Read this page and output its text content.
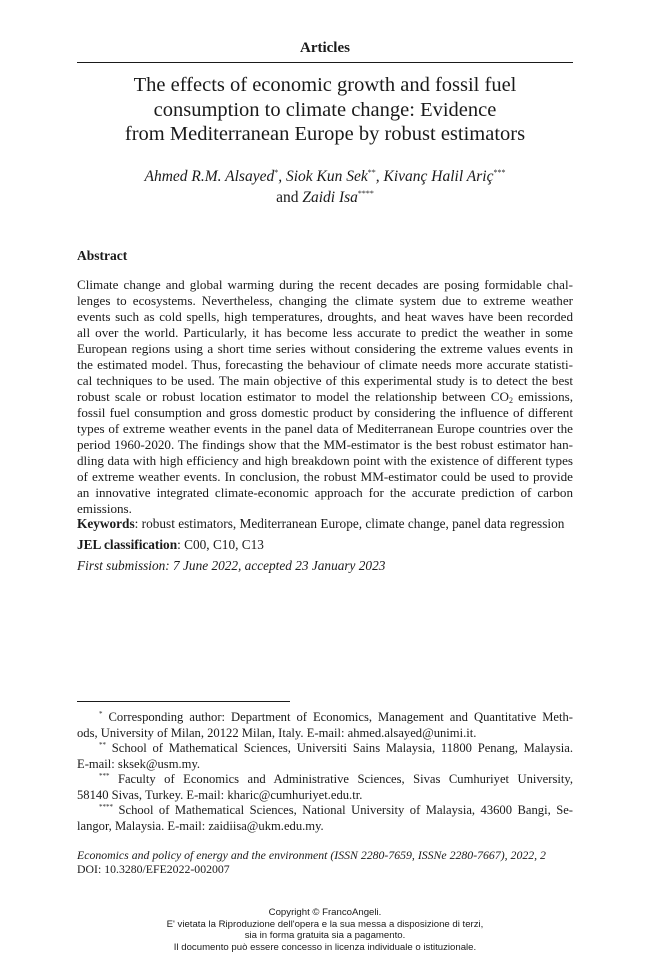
Articles
The effects of economic growth and fossil fuel
consumption to climate change: Evidence
from Mediterranean Europe by robust estimators
Ahmed R.M. Alsayed*, Siok Kun Sek**, Kivanç Halil Ariç***
and Zaidi Isa****
Abstract
Climate change and global warming during the recent decades are posing formidable chal-
lenges to ecosystems. Nevertheless, changing the climate system due to extreme weather
events such as cold spells, high temperatures, droughts, and heat waves have been recorded
all over the world. Particularly, it has become less accurate to predict the weather in some
European regions using a short time series without considering the extreme values events in
the estimated model. Thus, forecasting the behaviour of climate needs more accurate statisti-
cal techniques to be used. The main objective of this experimental study is to detect the best
robust scale or robust location estimator to model the relationship between $CO_2$ emissions,
fossil fuel consumption and gross domestic product by considering the influence of different
types of extreme weather events in the panel data of Mediterranean Europe countries over the
period 1960-2020. The findings show that the MM-estimator is the best robust estimator han-
dling data with high efficiency and high breakdown point with the existence of different types
of extreme weather events. In conclusion, the robust MM-estimator could be used to provide
an innovative integrated climate-economic approach for the accurate prediction of carbon
emissions.
Keywords: robust estimators, Mediterranean Europe, climate change, panel data regression
JEL classification: C00, C10, C13
First submission: 7 June 2022, accepted 23 January 2023
* Corresponding author: Department of Economics, Management and Quantitative Meth-
ods, University of Milan, 20122 Milan, Italy. E-mail: ahmed.alsayed@unimi.it.
** School of Mathematical Sciences, Universiti Sains Malaysia, 11800 Penang, Malaysia.
E-mail: sksek@usm.my.
*** Faculty of Economics and Administrative Sciences, Sivas Cumhuriyet University,
58140 Sivas, Turkey. E-mail: kharic@cumhuriyet.edu.tr.
**** School of Mathematical Sciences, National University of Malaysia, 43600 Bangi, Se-
langor, Malaysia. E-mail: zaidiisa@ukm.edu.my.
Economics and policy of energy and the environment (ISSN 2280-7659, ISSNe 2280-7667), 2022, 2
DOI: 10.3280/EFE2022-002007
Copyright © FrancoAngeli.
E' vietata la Riproduzione dell'opera e la sua messa a disposizione di terzi,
sia in forma gratuita sia a pagamento.
Il documento può essere concesso in licenza individuale o istituzionale.
